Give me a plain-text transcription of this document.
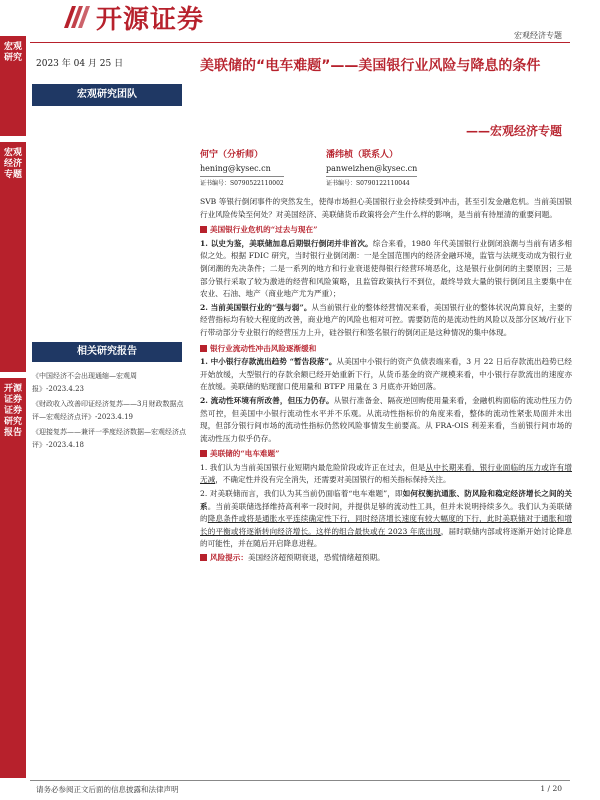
宏观研究
宏观经济专题
开源证券 证券研究报告
开源证券
宏观经济专题
2023 年 04 月 25 日
宏观研究团队
美联储的“电车难题”——美国银行业风险与降息的条件
——宏观经济专题
何宁（分析师）
hening@kysec.cn
证书编号：S0790522110002
潘纬桢（联系人）
panweizhen@kysec.cn
证书编号：S0790122110044
相关研究报告
《中国经济不会出现通缩—宏观周报》-2023.4.23
《财政收入改善印证经济复苏——3月财政数据点评—宏观经济点评》-2023.4.19
《迎接复苏——兼评一季度经济数据—宏观经济点评》-2023.4.18

SVB 等银行倒闭事件的突然发生，使得市场担心美国银行业会持续受到冲击，甚至引发金融危机。当前美国银行业风险传染至何处？对美国经济、美联储货币政策将会产生什么样的影响，是当前有待厘清的重要问题。

美国银行业危机的“过去与现在”

1. 以史为鉴，美联储加息后期银行倒闭并非首次。综合来看，1980 年代美国银行业倒闭浪潮与当前有诸多相似之处。根据 FDIC 研究，当时银行业倒闭潮：一是全国范围内的经济金融环境，监管与法规变动成为银行业倒闭潮的先决条件；二是一系列的地方和行业衰退使得银行经营环境恶化，这是银行业倒闭的主要原因；三是部分银行采取了较为激进的经营和风险策略，且监管政策执行不到位，最终导致大量的银行倒闭且主要集中在农业、石油、地产（商业地产尤为严重）；

2. 当前美国银行业的“强与弱”。从当前银行业的整体经营情况来看，美国银行业的整体状况尚算良好，主要的经营指标均有较大程度的改善，商业地产的风险也相对可控。需要防范的是流动性的风险以及部分区域/行业下行带动部分专业银行的经营压力上升，硅谷银行和签名银行的倒闭正是这种情况的集中体现。

银行业流动性冲击风险逐渐缓和

1. 中小银行存款流出趋势 “暂告段落”。从美国中小银行的资产负债表端来看，3 月 22 日后存款流出趋势已经开始放缓，大型银行的存款余额已经开始重新下行，从货币基金的资产规模来看，中小银行存款流出的速度亦在放缓。美联储的贴现窗口使用量和 BTFP 用量在 3 月底亦开始回落。

2. 流动性环境有所改善，但压力仍存。从银行准备金、隔夜逆回购使用量来看，金融机构面临的流动性压力仍然可控，但美国中小银行流动性水平并不乐观。从流动性指标价的角度来看，整体的流动性紧张局面并未出现，但部分银行间市场的流动性指标仍然较风险事情发生前要高。从 FRA-OIS 利差来看，当前银行间市场的流动性压力似乎仍存。

美联储的“电车难题”

1. 我们认为当前美国银行业短期内最危险阶段或许正在过去，但是从中长期来看，银行业面临的压力或许有增无减，不确定性并没有完全消失，还需要对美国银行的相关指标保持关注。

2. 对美联储而言，我们认为其当前仍面临着“电车难题”，即如何权衡抗通胀、防风险和稳定经济增长之间的关系。当前美联储选择维持高利率一段时间，并提供足够的流动性工具，但并未说明持续多久。我们认为美联储的降息条件或将是通胀水平连续确定性下行，同时经济增长速度有较大幅度的下行，此时美联储对于通胀和增长的平衡或将逐渐转向经济增长。这样的组合最快或在 2023 年底出现，届时联储内部或将逐渐开始讨论降息的可能性，并在随后开启降息进程。

风险提示：美国经济超预期衰退，恐慌情绪超预期。

请务必参阅正文后面的信息披露和法律声明	1 / 20
